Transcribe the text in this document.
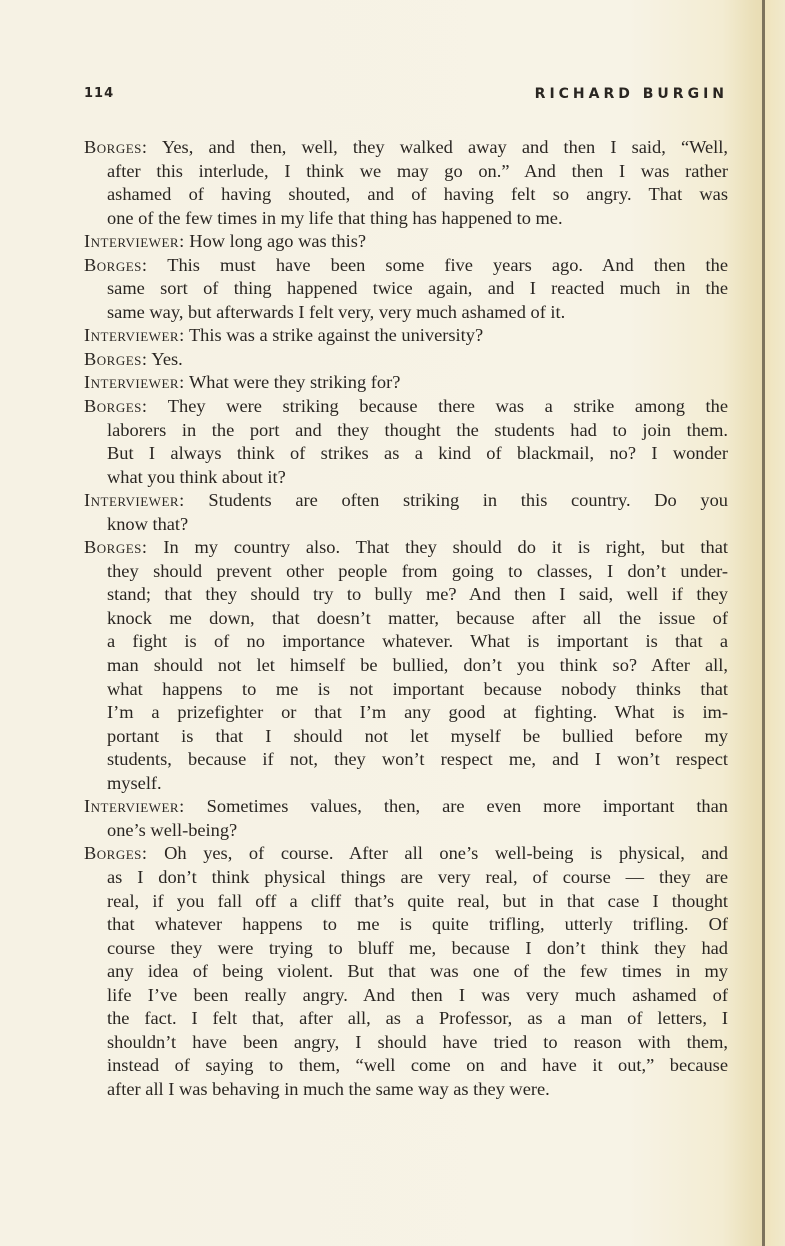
114	RICHARD BURGIN
Borges: Yes, and then, well, they walked away and then I said, “Well,
after this interlude, I think we may go on.” And then I was rather
ashamed of having shouted, and of having felt so angry. That was
one of the few times in my life that thing has happened to me.
Interviewer: How long ago was this?
Borges: This must have been some five years ago. And then the
same sort of thing happened twice again, and I reacted much in the
same way, but afterwards I felt very, very much ashamed of it.
Interviewer: This was a strike against the university?
Borges: Yes.
Interviewer: What were they striking for?
Borges: They were striking because there was a strike among the
laborers in the port and they thought the students had to join them.
But I always think of strikes as a kind of blackmail, no? I wonder
what you think about it?
Interviewer: Students are often striking in this country. Do you
know that?
Borges: In my country also. That they should do it is right, but that
they should prevent other people from going to classes, I don’t under-
stand; that they should try to bully me? And then I said, well if they
knock me down, that doesn’t matter, because after all the issue of
a fight is of no importance whatever. What is important is that a
man should not let himself be bullied, don’t you think so? After all,
what happens to me is not important because nobody thinks that
I’m a prizefighter or that I’m any good at fighting. What is im-
portant is that I should not let myself be bullied before my
students, because if not, they won’t respect me, and I won’t respect
myself.
Interviewer: Sometimes values, then, are even more important than
one’s well-being?
Borges: Oh yes, of course. After all one’s well-being is physical, and
as I don’t think physical things are very real, of course — they are
real, if you fall off a cliff that’s quite real, but in that case I thought
that whatever happens to me is quite trifling, utterly trifling. Of
course they were trying to bluff me, because I don’t think they had
any idea of being violent. But that was one of the few times in my
life I’ve been really angry. And then I was very much ashamed of
the fact. I felt that, after all, as a Professor, as a man of letters, I
shouldn’t have been angry, I should have tried to reason with them,
instead of saying to them, “well come on and have it out,” because
after all I was behaving in much the same way as they were.
